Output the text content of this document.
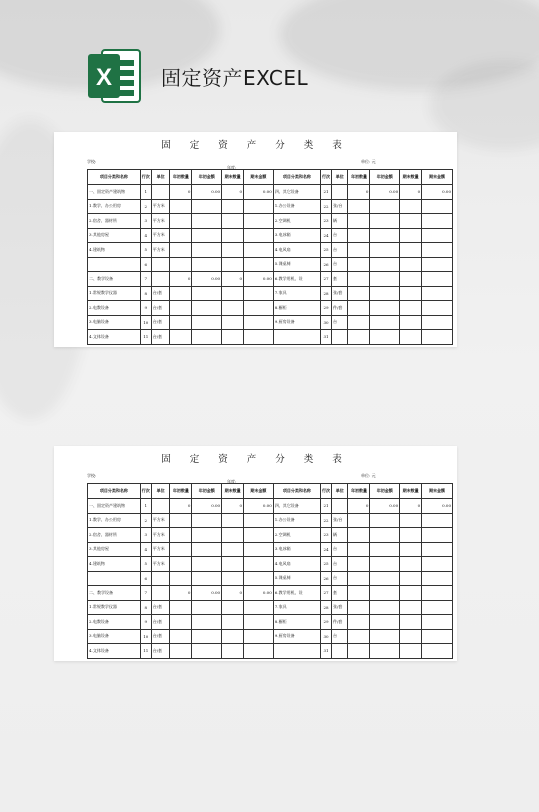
X 固定资产EXCEL
固 定 资 产 分 类 表
学校:
年度:
单位: 元
项目分类和名称	行次	单位	年初数量	年初金额	期末数量	期末金额	项目分类和名称	行次	单位	年初数量	年初金额	期末数量	期末金额
一、固定资产建筑物	1		0	0.00	0	0.00	四、其它设备	21		0	0.00	0	0.00
1.教学、办公用房	2	平方米					1.办公设备	22	张/台				
2.宿舍、器材所	3	平方米					2.空调机	23	辆				
3.其他房屋	4	平方米					3.电冰箱	24	台				
4.建筑物	5	平方米					4.电风扇	25	台				
	6						5.课桌椅	26	台				
二、教学设备	7		0	0.00	0	0.00	6.教学用机、设	27	套				
1.常规教学仪器	8	台/套					7.家具	28	张/套				
2.电教设备	9	台/套					8.橱柜	29	件/套				
3.电脑设备	10	台/套					9.厨房设备	30	台				
4.文体设备	11	台/套						31					
固 定 资 产 分 类 表
学校:
年度:
单位: 元
项目分类和名称	行次	单位	年初数量	年初金额	期末数量	期末金额	项目分类和名称	行次	单位	年初数量	年初金额	期末数量	期末金额
一、固定资产建筑物	1		0	0.00	0	0.00	四、其它设备	21		0	0.00	0	0.00
1.教学、办公用房	2	平方米					1.办公设备	22	张/台				
2.宿舍、器材所	3	平方米					2.空调机	23	辆				
3.其他房屋	4	平方米					3.电冰箱	24	台				
4.建筑物	5	平方米					4.电风扇	25	台				
	6						5.课桌椅	26	台				
二、教学设备	7		0	0.00	0	0.00	6.教学用机、设	27	套				
1.常规教学仪器	8	台/套					7.家具	28	张/套				
2.电教设备	9	台/套					8.橱柜	29	件/套				
3.电脑设备	10	台/套					9.厨房设备	30	台				
4.文体设备	11	台/套						31					
